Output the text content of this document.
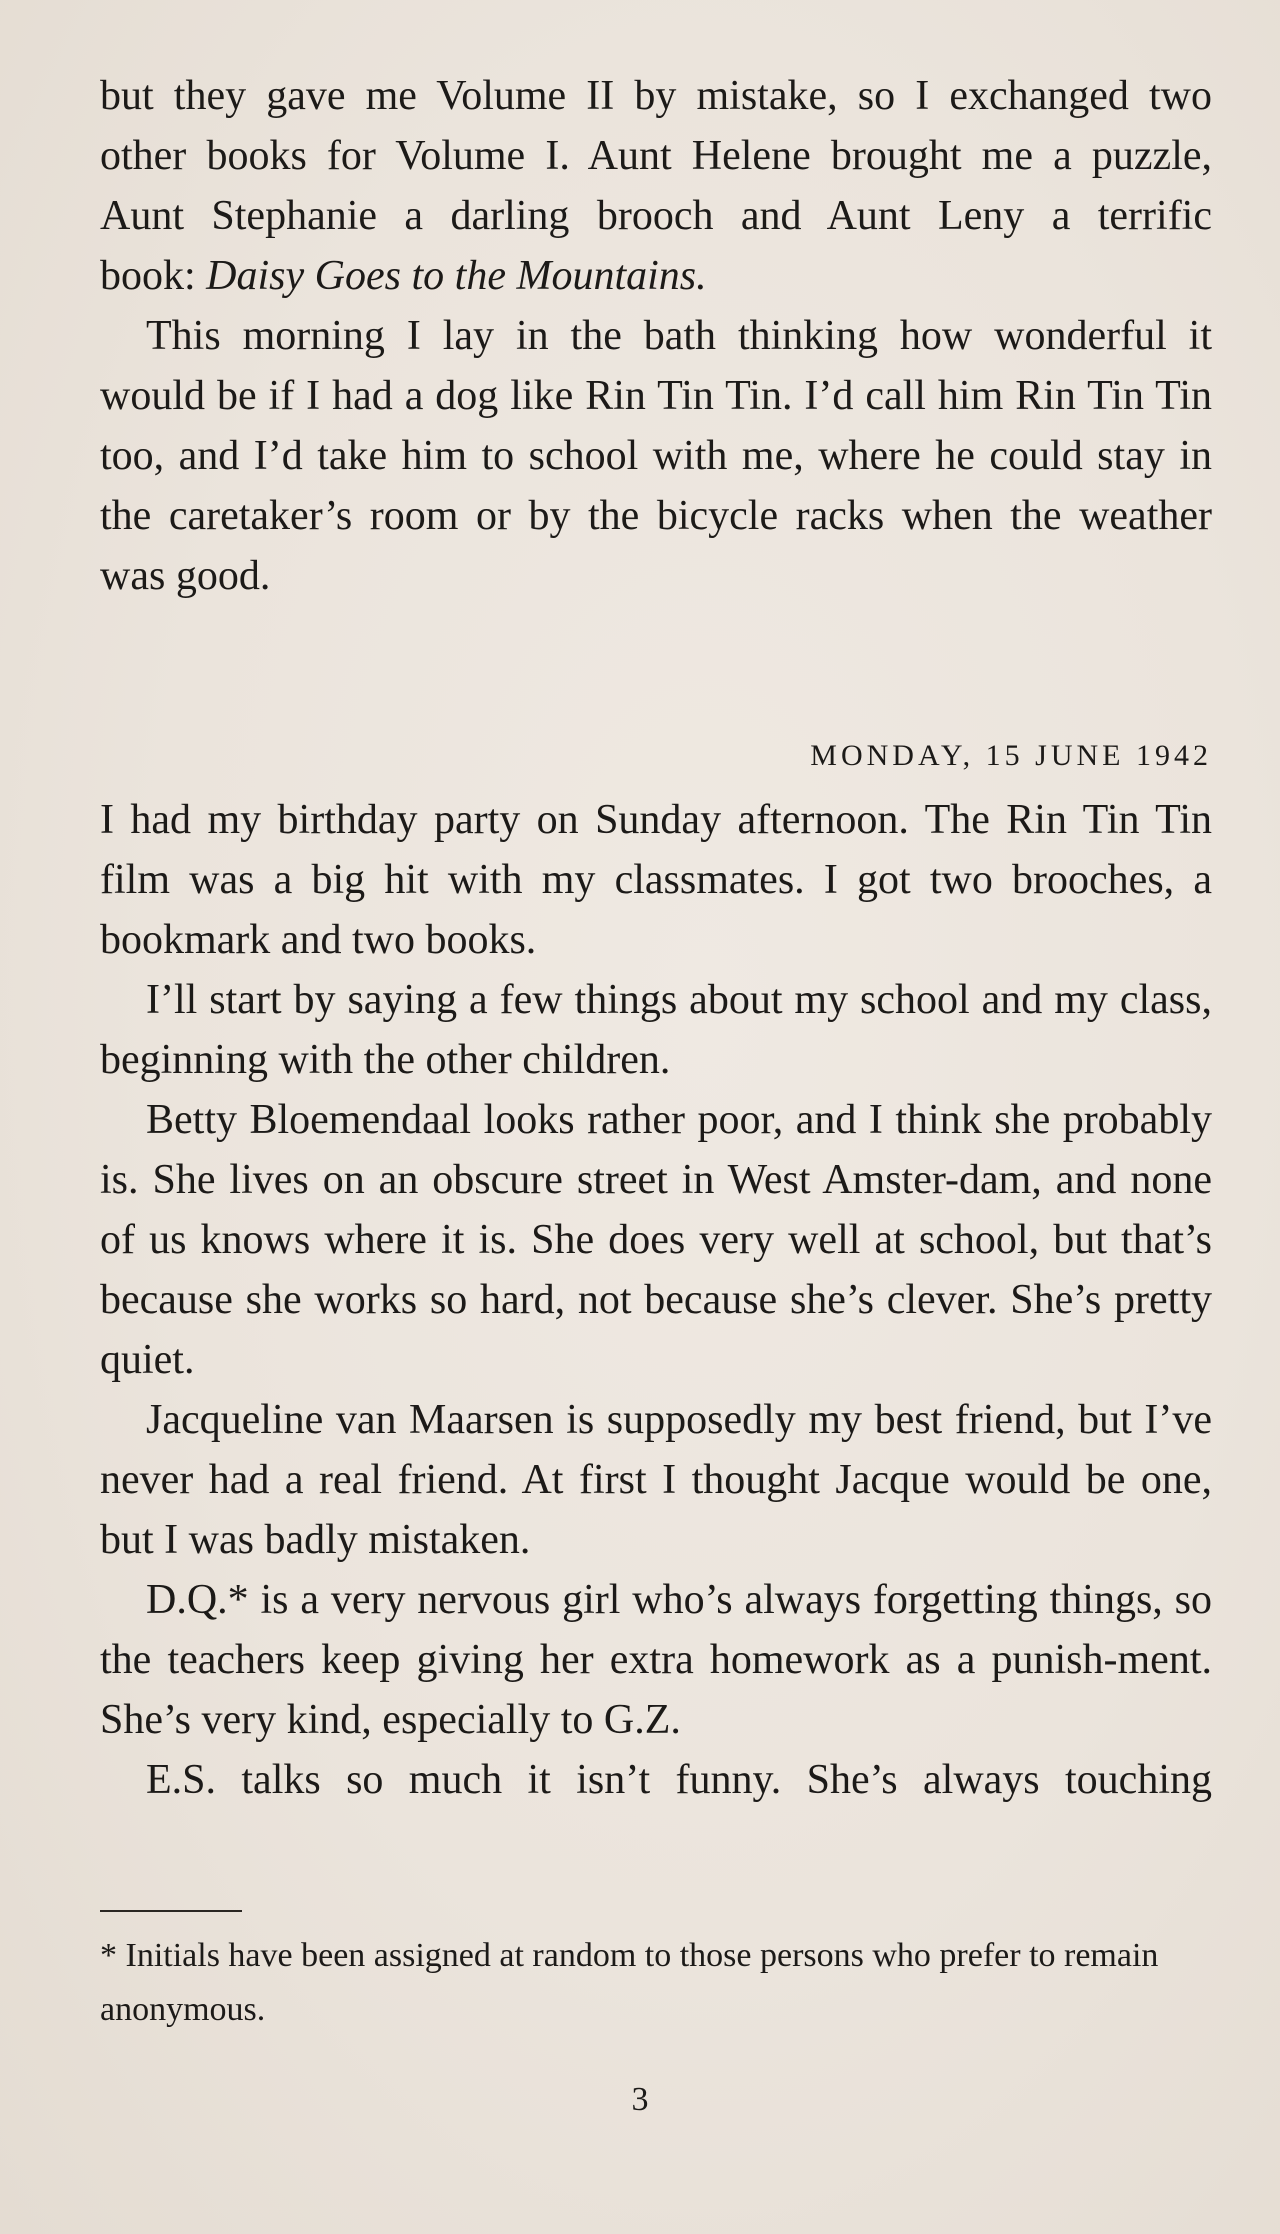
but they gave me Volume II by mistake, so I exchanged two

other books for Volume I. Aunt Helene brought me a puzzle,

Aunt Stephanie a darling brooch and Aunt Leny a terrific

book: Daisy Goes to the Mountains.

This morning I lay in the bath thinking how wonderful it would be if I had a dog like Rin Tin Tin. I’d call him Rin Tin Tin too, and I’d take him to school with me, where he could stay in the caretaker’s room or by the bicycle racks when the weather was good.

MONDAY, 15 JUNE 1942

I had my birthday party on Sunday afternoon. The Rin Tin Tin film was a big hit with my classmates. I got two brooches, a bookmark and two books.

I’ll start by saying a few things about my school and my class, beginning with the other children.

Betty Bloemendaal looks rather poor, and I think she probably is. She lives on an obscure street in West Amster-dam, and none of us knows where it is. She does very well at school, but that’s because she works so hard, not because she’s clever. She’s pretty quiet.

Jacqueline van Maarsen is supposedly my best friend, but I’ve never had a real friend. At first I thought Jacque would be one, but I was badly mistaken.

D.Q.* is a very nervous girl who’s always forgetting things, so the teachers keep giving her extra homework as a punish-ment. She’s very kind, especially to G.Z.

E.S. talks so much it isn’t funny. She’s always touching

* Initials have been assigned at random to those persons who prefer to remain anonymous.

3
